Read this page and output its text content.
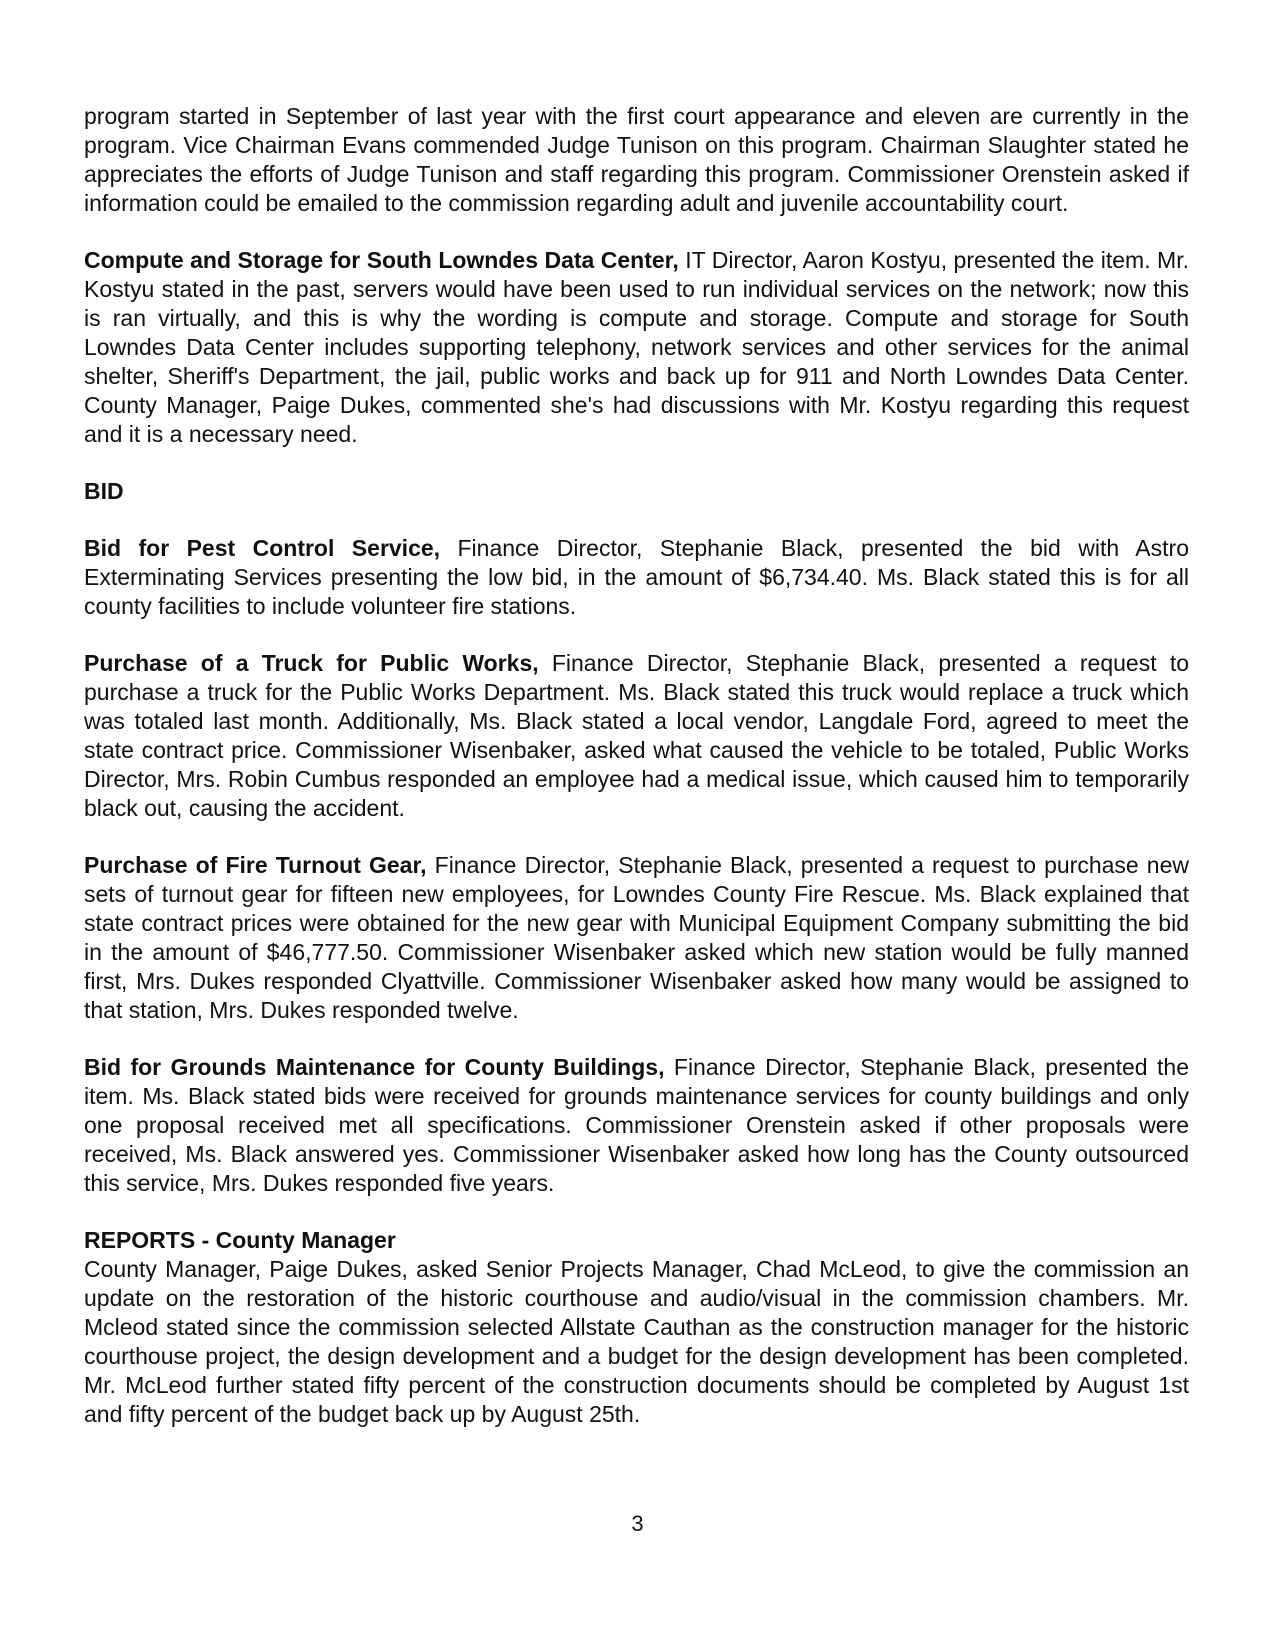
program started in September of last year with the first court appearance and eleven are currently in the program. Vice Chairman Evans commended Judge Tunison on this program. Chairman Slaughter stated he appreciates the efforts of Judge Tunison and staff regarding this program. Commissioner Orenstein asked if information could be emailed to the commission regarding adult and juvenile accountability court.

Compute and Storage for South Lowndes Data Center, IT Director, Aaron Kostyu, presented the item. Mr. Kostyu stated in the past, servers would have been used to run individual services on the network; now this is ran virtually, and this is why the wording is compute and storage. Compute and storage for South Lowndes Data Center includes supporting telephony, network services and other services for the animal shelter, Sheriff's Department, the jail, public works and back up for 911 and North Lowndes Data Center. County Manager, Paige Dukes, commented she's had discussions with Mr. Kostyu regarding this request and it is a necessary need.

BID

Bid for Pest Control Service, Finance Director, Stephanie Black, presented the bid with Astro Exterminating Services presenting the low bid, in the amount of $6,734.40. Ms. Black stated this is for all county facilities to include volunteer fire stations.

Purchase of a Truck for Public Works, Finance Director, Stephanie Black, presented a request to purchase a truck for the Public Works Department. Ms. Black stated this truck would replace a truck which was totaled last month. Additionally, Ms. Black stated a local vendor, Langdale Ford, agreed to meet the state contract price. Commissioner Wisenbaker, asked what caused the vehicle to be totaled, Public Works Director, Mrs. Robin Cumbus responded an employee had a medical issue, which caused him to temporarily black out, causing the accident.

Purchase of Fire Turnout Gear, Finance Director, Stephanie Black, presented a request to purchase new sets of turnout gear for fifteen new employees, for Lowndes County Fire Rescue. Ms. Black explained that state contract prices were obtained for the new gear with Municipal Equipment Company submitting the bid in the amount of $46,777.50. Commissioner Wisenbaker asked which new station would be fully manned first, Mrs. Dukes responded Clyattville. Commissioner Wisenbaker asked how many would be assigned to that station, Mrs. Dukes responded twelve.

Bid for Grounds Maintenance for County Buildings, Finance Director, Stephanie Black, presented the item. Ms. Black stated bids were received for grounds maintenance services for county buildings and only one proposal received met all specifications. Commissioner Orenstein asked if other proposals were received, Ms. Black answered yes. Commissioner Wisenbaker asked how long has the County outsourced this service, Mrs. Dukes responded five years.

REPORTS - County Manager
County Manager, Paige Dukes, asked Senior Projects Manager, Chad McLeod, to give the commission an update on the restoration of the historic courthouse and audio/visual in the commission chambers. Mr. Mcleod stated since the commission selected Allstate Cauthan as the construction manager for the historic courthouse project, the design development and a budget for the design development has been completed. Mr. McLeod further stated fifty percent of the construction documents should be completed by August 1st and fifty percent of the budget back up by August 25th.

3
